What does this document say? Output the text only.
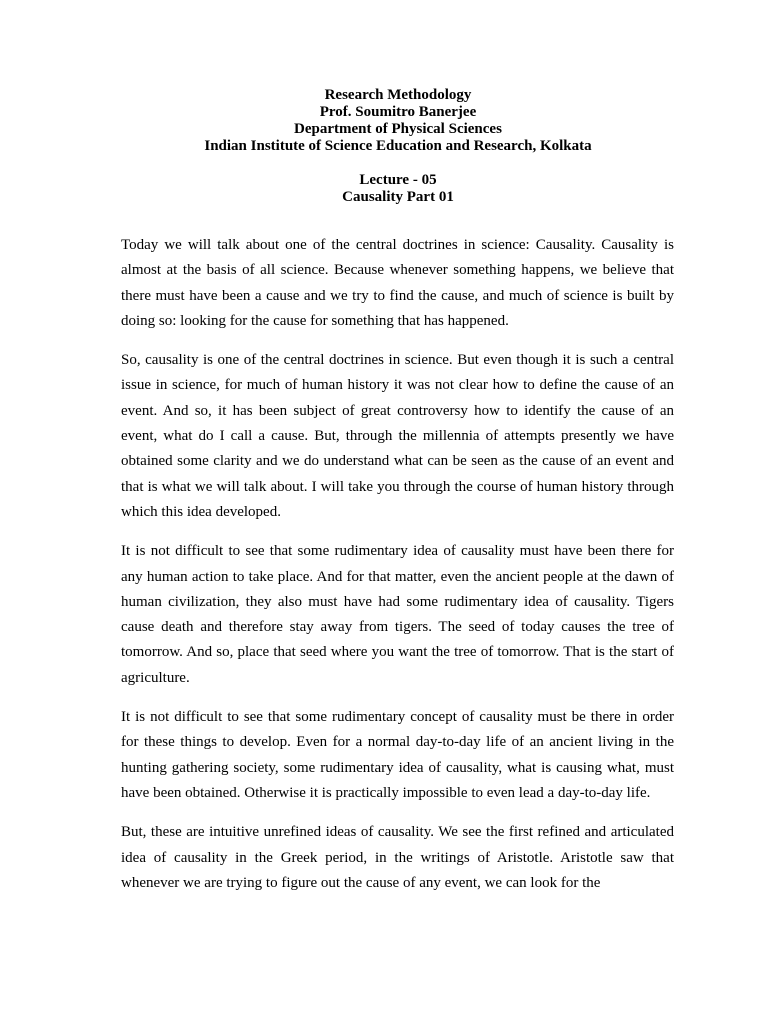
Research Methodology
Prof. Soumitro Banerjee
Department of Physical Sciences
Indian Institute of Science Education and Research, Kolkata
Lecture - 05
Causality Part 01

Today we will talk about one of the central doctrines in science: Causality. Causality is almost at the basis of all science. Because whenever something happens, we believe that there must have been a cause and we try to find the cause, and much of science is built by doing so: looking for the cause for something that has happened.

So, causality is one of the central doctrines in science. But even though it is such a central issue in science, for much of human history it was not clear how to define the cause of an event. And so, it has been subject of great controversy how to identify the cause of an event, what do I call a cause. But, through the millennia of attempts presently we have obtained some clarity and we do understand what can be seen as the cause of an event and that is what we will talk about. I will take you through the course of human history through which this idea developed.

It is not difficult to see that some rudimentary idea of causality must have been there for any human action to take place. And for that matter, even the ancient people at the dawn of human civilization, they also must have had some rudimentary idea of causality. Tigers cause death and therefore stay away from tigers. The seed of today causes the tree of tomorrow. And so, place that seed where you want the tree of tomorrow. That is the start of agriculture.

It is not difficult to see that some rudimentary concept of causality must be there in order for these things to develop. Even for a normal day-to-day life of an ancient living in the hunting gathering society, some rudimentary idea of causality, what is causing what, must have been obtained. Otherwise it is practically impossible to even lead a day-to-day life.

But, these are intuitive unrefined ideas of causality. We see the first refined and articulated idea of causality in the Greek period, in the writings of Aristotle. Aristotle saw that whenever we are trying to figure out the cause of any event, we can look for the
